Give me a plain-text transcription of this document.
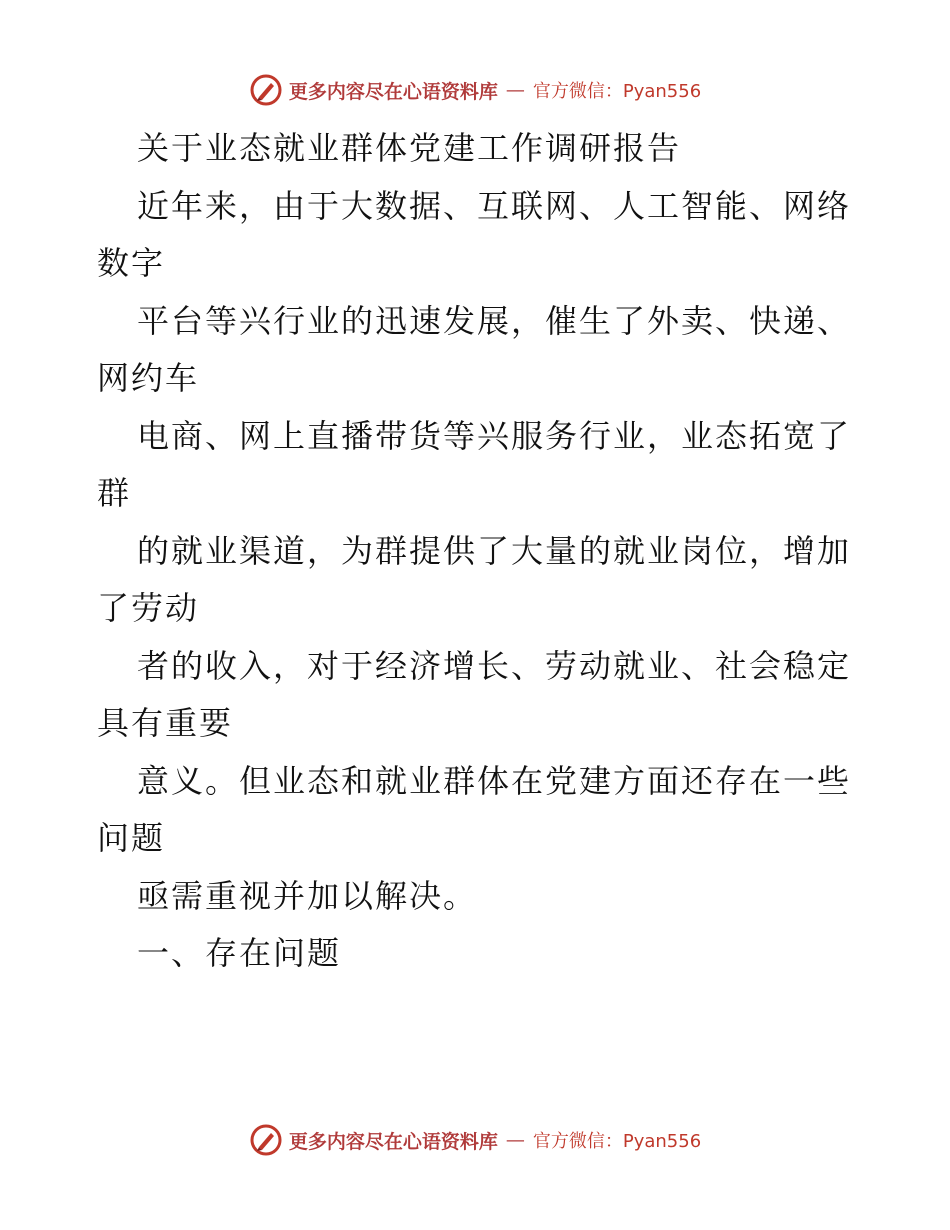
更多内容尽在心语资料库 — 官方微信：Pyan556
关于业态就业群体党建工作调研报告
近年来，由于大数据、互联网、人工智能、网络
数字
平台等兴行业的迅速发展，催生了外卖、快递、
网约车
电商、网上直播带货等兴服务行业，业态拓宽了
群
的就业渠道，为群提供了大量的就业岗位，增加
了劳动
者的收入，对于经济增长、劳动就业、社会稳定
具有重要
意义。但业态和就业群体在党建方面还存在一些
问题
亟需重视并加以解决。
一、存在问题
更多内容尽在心语资料库 — 官方微信：Pyan556
